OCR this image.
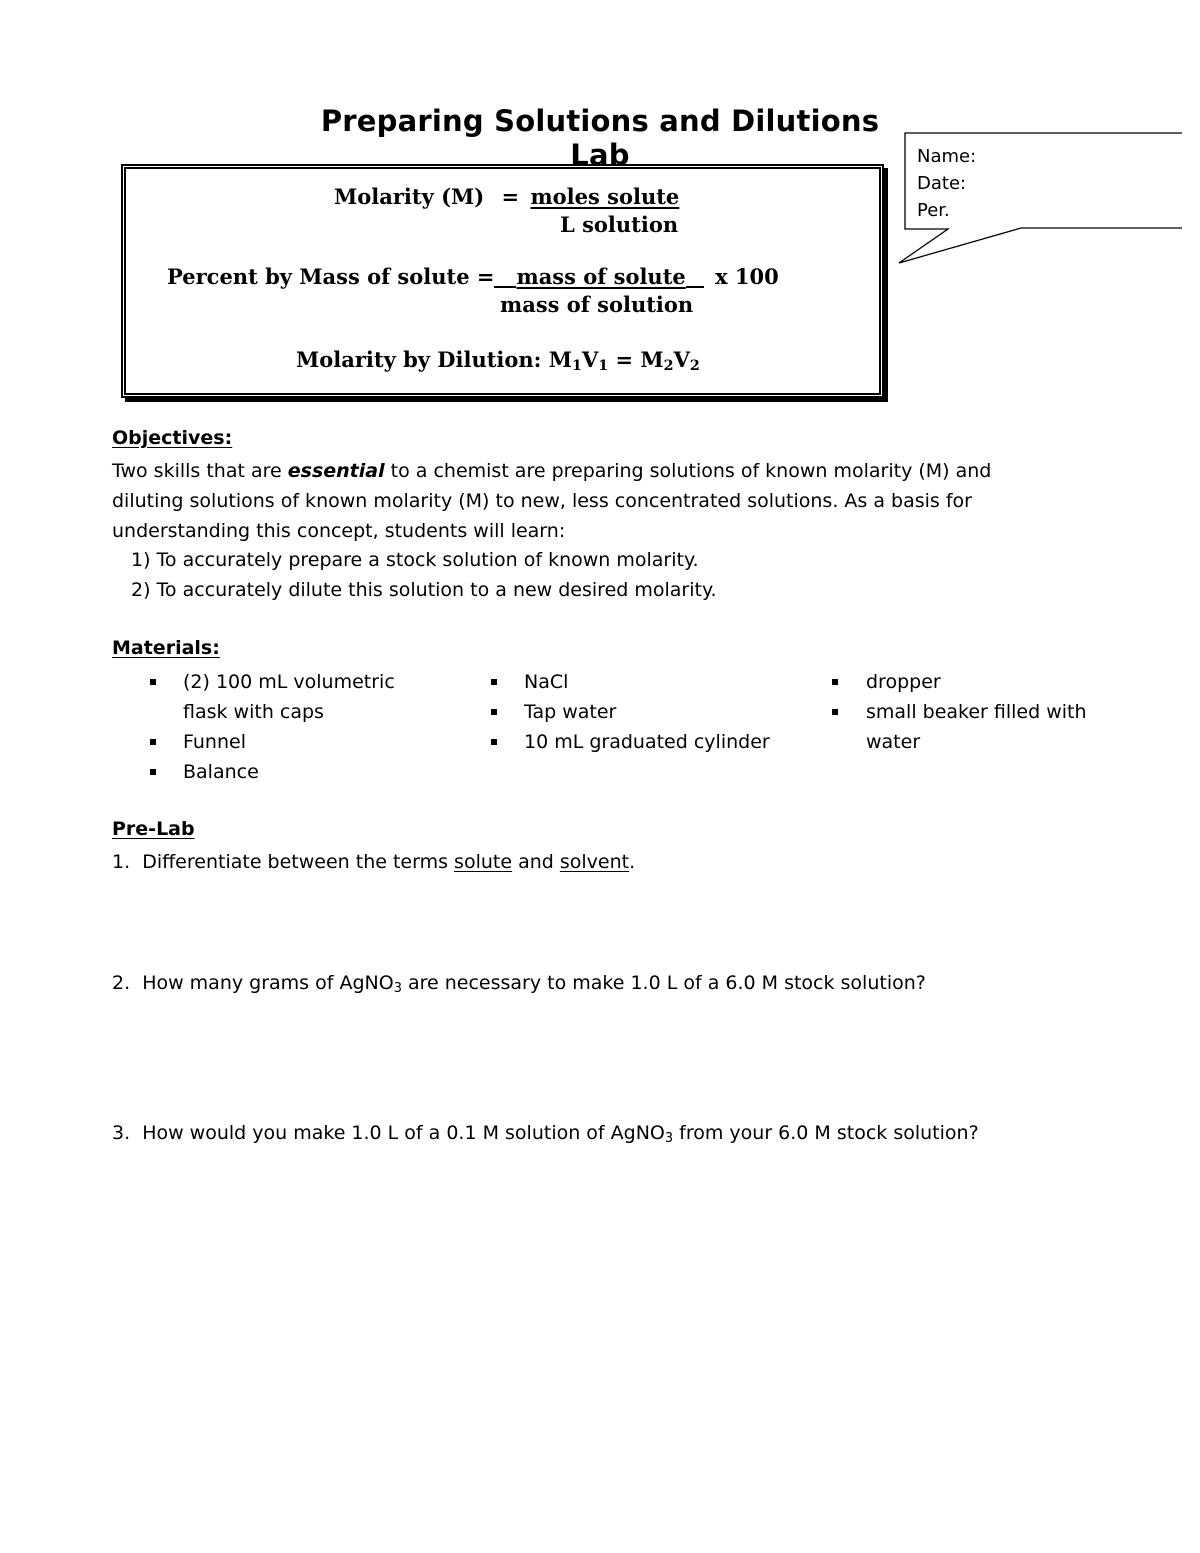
Preparing Solutions and Dilutions Lab
Molarity (M) = moles solute
L solution
Percent by Mass of solute = mass of solute x 100
mass of solution
Molarity by Dilution: $M_1V_1 = M_2V_2$
Name:
Date:
Per.
Objectives:
Two skills that are essential to a chemist are preparing solutions of known molarity (M) and diluting solutions of known molarity (M) to new, less concentrated solutions. As a basis for understanding this concept, students will learn:
1) To accurately prepare a stock solution of known molarity.
2) To accurately dilute this solution to a new desired molarity.
Materials:
(2) 100 mL volumetric
flask with caps
Funnel
Balance
NaCl
Tap water
10 mL graduated cylinder
dropper
small beaker filled with
water
Pre-Lab
1. Differentiate between the terms solute and solvent.
2. How many grams of AgNO$_3$ are necessary to make 1.0 L of a 6.0 M stock solution?
3. How would you make 1.0 L of a 0.1 M solution of AgNO$_3$ from your 6.0 M stock solution?
